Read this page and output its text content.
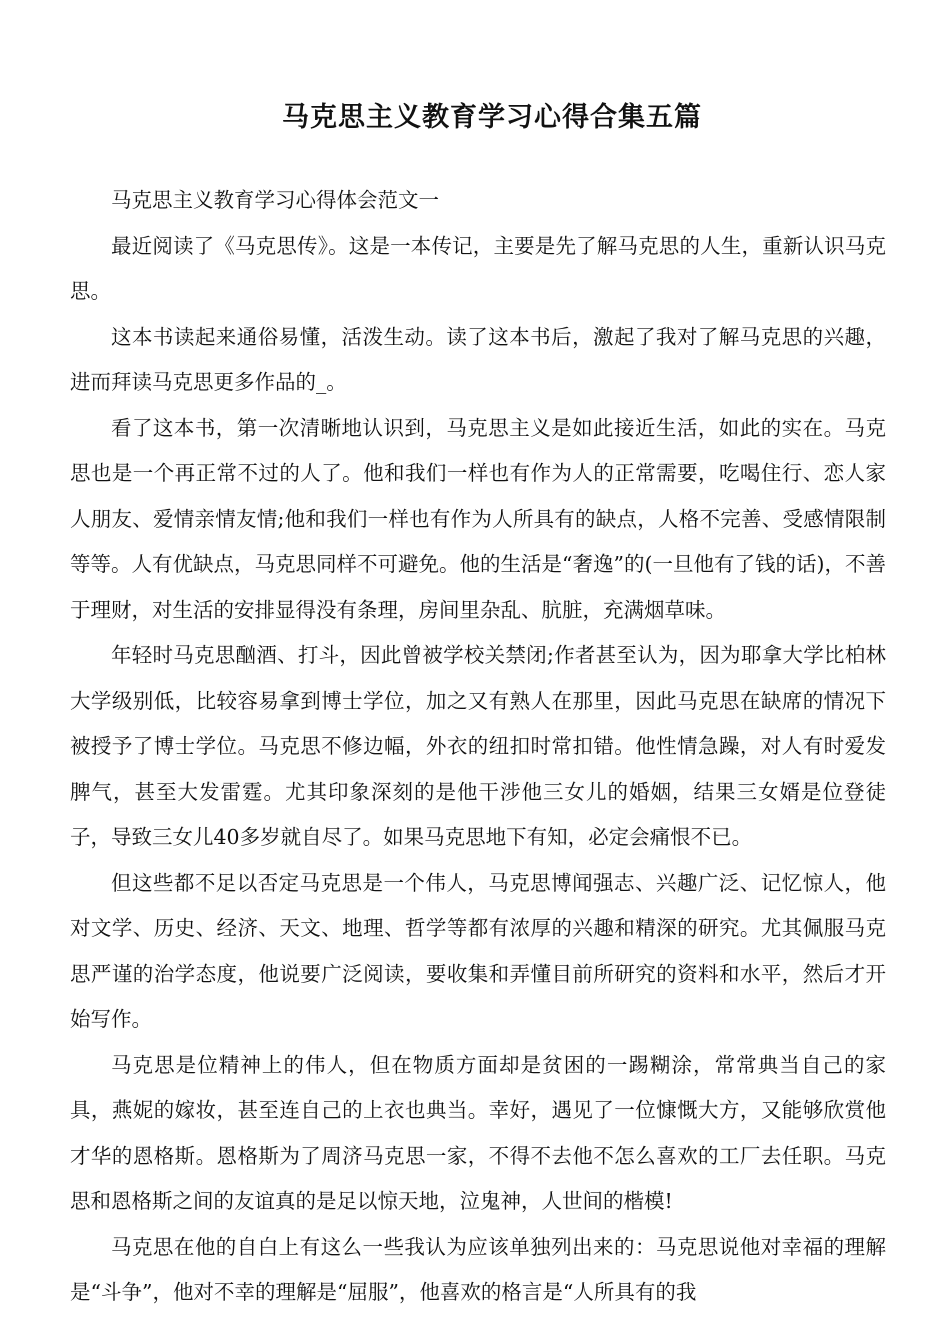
马克思主义教育学习心得合集五篇

马克思主义教育学习心得体会范文一

最近阅读了《马克思传》。这是一本传记，主要是先了解马克思的人生，重新认识马克思。

这本书读起来通俗易懂，活泼生动。读了这本书后，激起了我对了解马克思的兴趣，进而拜读马克思更多作品的_。

看了这本书，第一次清晰地认识到，马克思主义是如此接近生活，如此的实在。马克思也是一个再正常不过的人了。他和我们一样也有作为人的正常需要，吃喝住行、恋人家人朋友、爱情亲情友情;他和我们一样也有作为人所具有的缺点，人格不完善、受感情限制等等。人有优缺点，马克思同样不可避免。他的生活是“奢逸”的(一旦他有了钱的话)，不善于理财，对生活的安排显得没有条理，房间里杂乱、肮脏，充满烟草味。

年轻时马克思酗酒、打斗，因此曾被学校关禁闭;作者甚至认为，因为耶拿大学比柏林大学级别低，比较容易拿到博士学位，加之又有熟人在那里，因此马克思在缺席的情况下被授予了博士学位。马克思不修边幅，外衣的纽扣时常扣错。他性情急躁，对人有时爱发脾气，甚至大发雷霆。尤其印象深刻的是他干涉他三女儿的婚姻，结果三女婿是位登徒子，导致三女儿40多岁就自尽了。如果马克思地下有知，必定会痛恨不已。

但这些都不足以否定马克思是一个伟人，马克思博闻强志、兴趣广泛、记忆惊人，他对文学、历史、经济、天文、地理、哲学等都有浓厚的兴趣和精深的研究。尤其佩服马克思严谨的治学态度，他说要广泛阅读，要收集和弄懂目前所研究的资料和水平，然后才开始写作。

马克思是位精神上的伟人，但在物质方面却是贫困的一踢糊涂，常常典当自己的家具，燕妮的嫁妆，甚至连自己的上衣也典当。幸好，遇见了一位慷慨大方，又能够欣赏他才华的恩格斯。恩格斯为了周济马克思一家，不得不去他不怎么喜欢的工厂去任职。马克思和恩格斯之间的友谊真的是足以惊天地，泣鬼神，人世间的楷模!

马克思在他的自白上有这么一些我认为应该单独列出来的：马克思说他对幸福的理解是“斗争”，他对不幸的理解是“屈服”，他喜欢的格言是“人所具有的我
